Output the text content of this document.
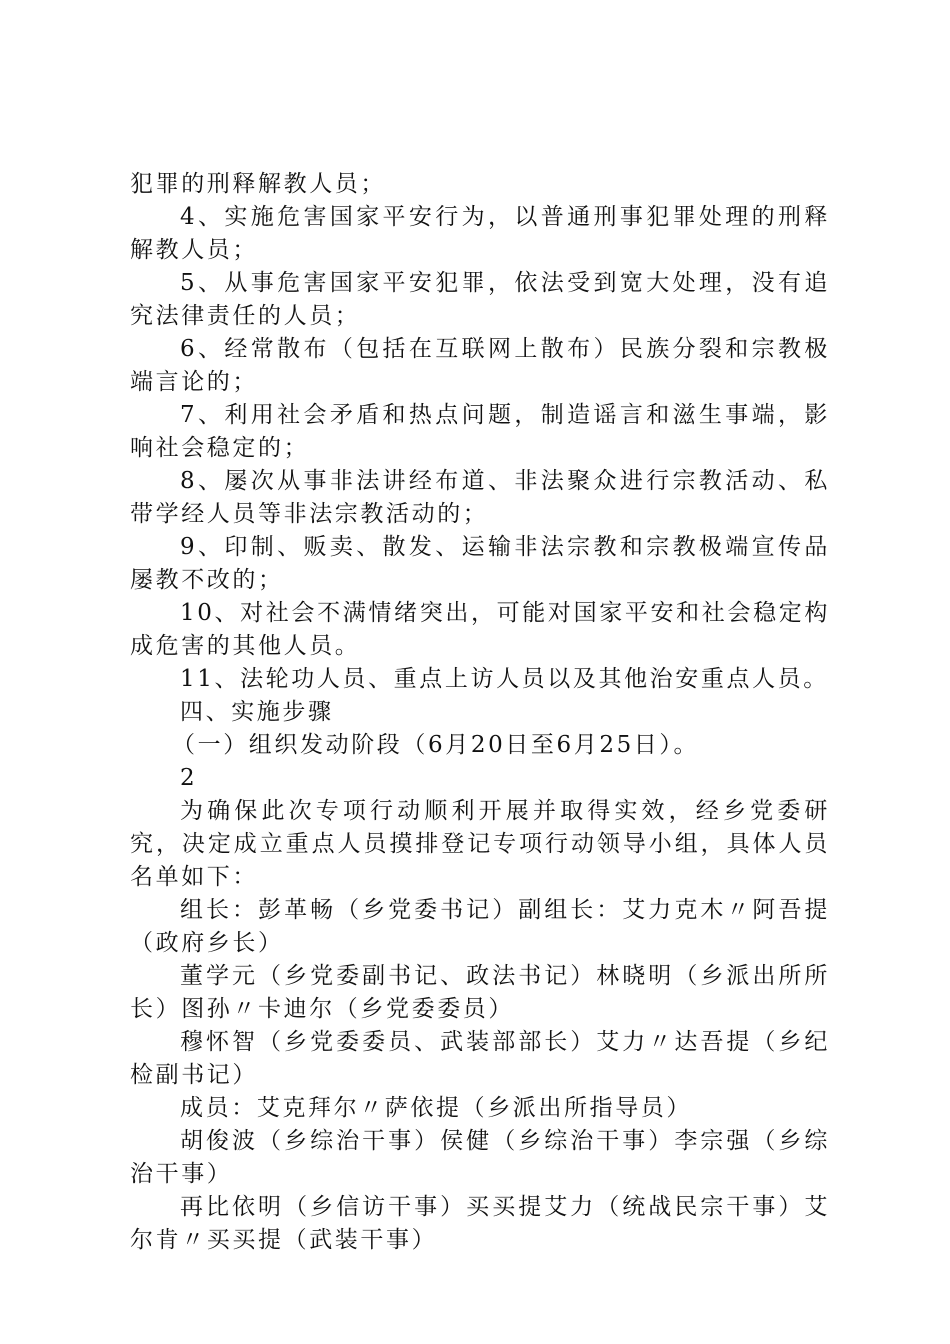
犯罪的刑释解教人员；

4、实施危害国家平安行为，以普通刑事犯罪处理的刑释解教人员；

5、从事危害国家平安犯罪，依法受到宽大处理，没有追究法律责任的人员；

6、经常散布（包括在互联网上散布）民族分裂和宗教极端言论的；

7、利用社会矛盾和热点问题，制造谣言和滋生事端，影响社会稳定的；

8、屡次从事非法讲经布道、非法聚众进行宗教活动、私带学经人员等非法宗教活动的；

9、印制、贩卖、散发、运输非法宗教和宗教极端宣传品屡教不改的；

10、对社会不满情绪突出，可能对国家平安和社会稳定构成危害的其他人员。

11、法轮功人员、重点上访人员以及其他治安重点人员。

四、实施步骤

（一）组织发动阶段（6月20日至6月25日）。

2

为确保此次专项行动顺利开展并取得实效，经乡党委研究，决定成立重点人员摸排登记专项行动领导小组，具体人员名单如下：

组长：彭革畅（乡党委书记）副组长：艾力克木〃阿吾提（政府乡长）

董学元（乡党委副书记、政法书记）林晓明（乡派出所所长）图孙〃卡迪尔（乡党委委员）

穆怀智（乡党委委员、武装部部长）艾力〃达吾提（乡纪检副书记）

成员：艾克拜尔〃萨依提（乡派出所指导员）

胡俊波（乡综治干事）侯健（乡综治干事）李宗强（乡综治干事）

再比依明（乡信访干事）买买提艾力（统战民宗干事）艾尔肯〃买买提（武装干事）
